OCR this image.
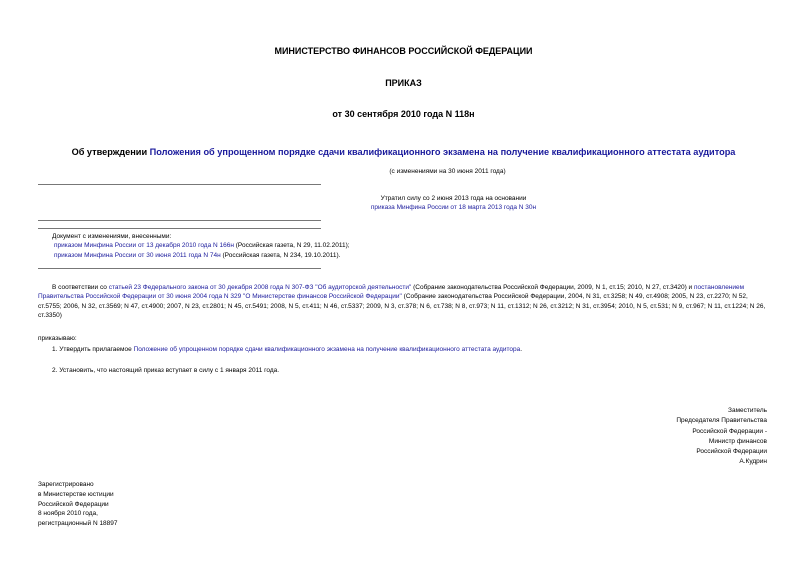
МИНИСТЕРСТВО ФИНАНСОВ РОССИЙСКОЙ ФЕДЕРАЦИИ
ПРИКАЗ
от 30 сентября 2010 года N 118н
Об утверждении Положения об упрощенном порядке сдачи квалификационного экзамена на получение квалификационного аттестата аудитора
(с изменениями на 30 июня 2011 года)
Утратил силу со 2 июня 2013 года на основании
приказа Минфина России от 18 марта 2013 года N 30н
Документ с изменениями, внесенными:
приказом Минфина России от 13 декабря 2010 года N 166н (Российская газета, N 29, 11.02.2011);
приказом Минфина России от 30 июня 2011 года N 74н (Российская газета, N 234, 19.10.2011).
В соответствии со статьей 23 Федерального закона от 30 декабря 2008 года N 307-ФЗ "Об аудиторской деятельности" (Собрание законодательства Российской Федерации, 2009, N 1, ст.15; 2010, N 27, ст.3420) и постановлением Правительства Российской Федерации от 30 июня 2004 года N 329 "О Министерстве финансов Российской Федерации" (Собрание законодательства Российской Федерации, 2004, N 31, ст.3258; N 49, ст.4908; 2005, N 23, ст.2270; N 52, ст.5755; 2006, N 32, ст.3569; N 47, ст.4900; 2007, N 23, ст.2801; N 45, ст.5491; 2008, N 5, ст.411; N 46, ст.5337; 2009, N 3, ст.378; N 6, ст.738; N 8, ст.973; N 11, ст.1312; N 26, ст.3212; N 31, ст.3954; 2010, N 5, ст.531; N 9, ст.967; N 11, ст.1224; N 26, ст.3350)
приказываю:
1. Утвердить прилагаемое Положение об упрощенном порядке сдачи квалификационного экзамена на получение квалификационного аттестата аудитора.
2. Установить, что настоящий приказ вступает в силу с 1 января 2011 года.
Заместитель
Председателя Правительства
Российской Федерации -
Министр финансов
Российской Федерации
А.Кудрин
Зарегистрировано
в Министерстве юстиции
Российской Федерации
8 ноября 2010 года,
регистрационный N 18897
